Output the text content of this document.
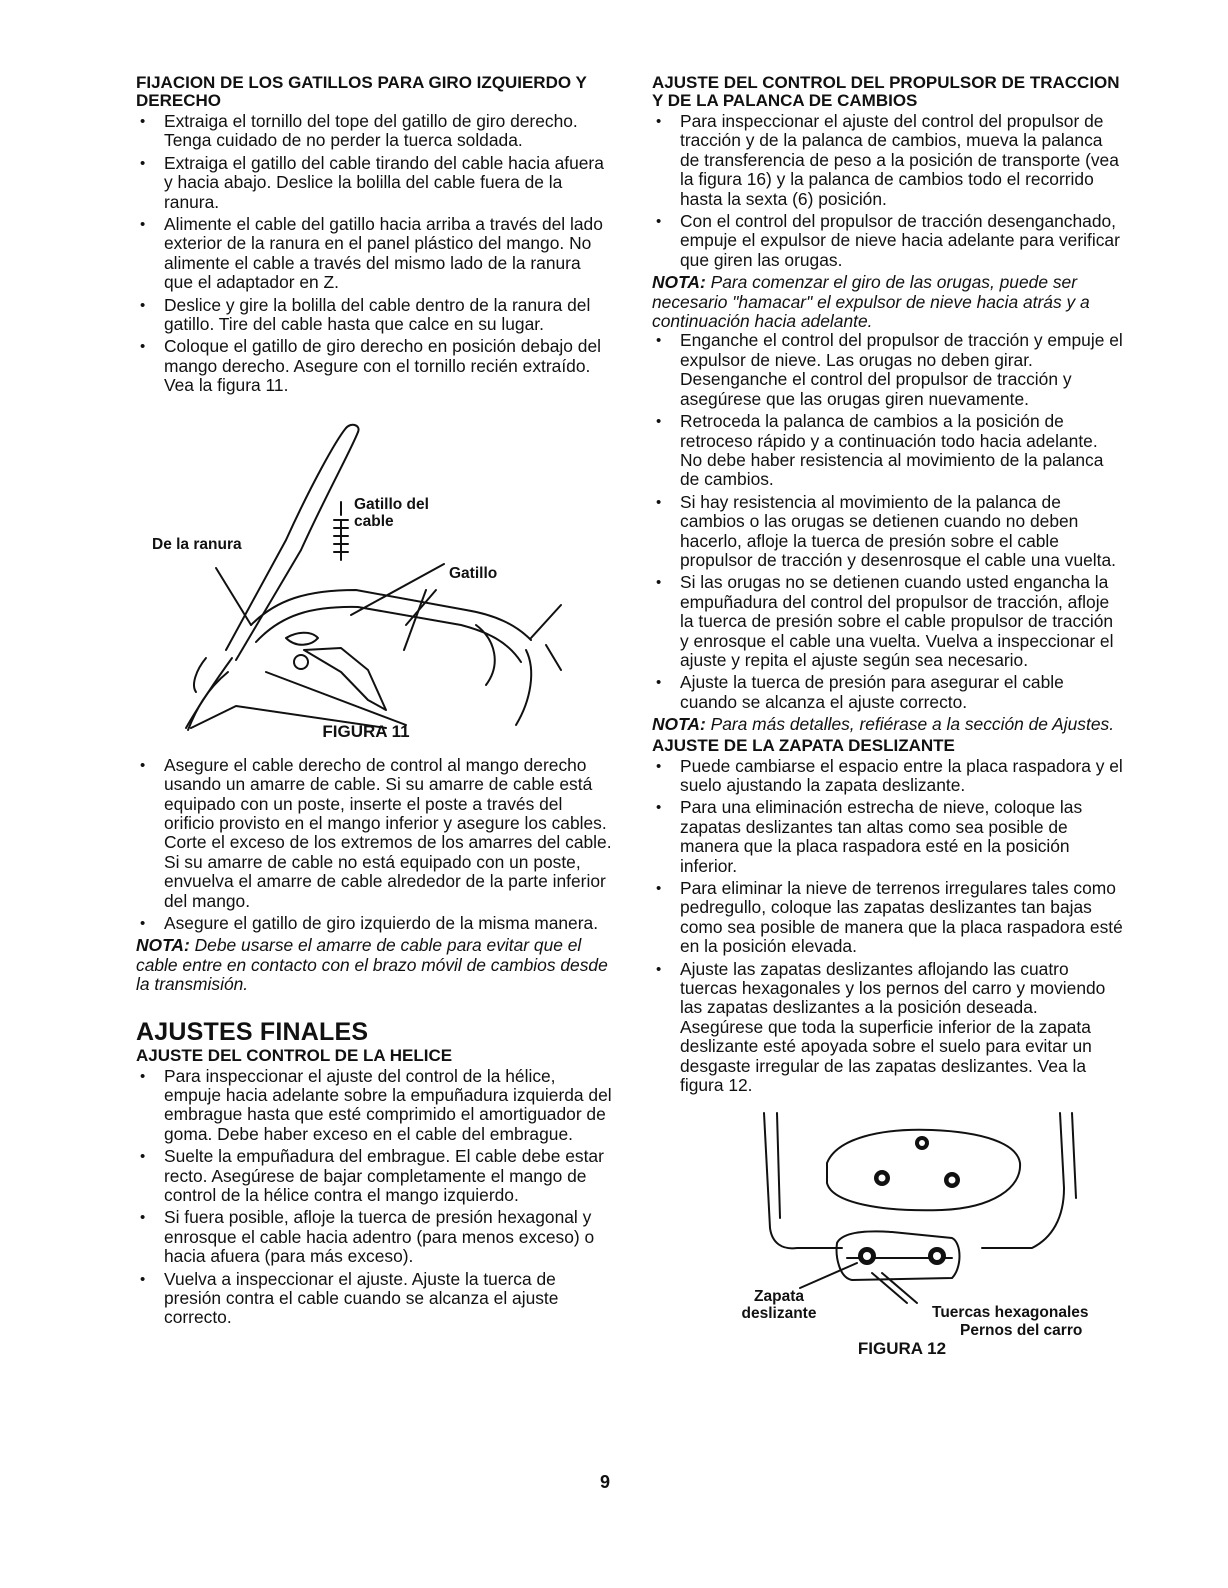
FIJACION DE LOS GATILLOS PARA GIRO IZQUIERDO Y DERECHO
• Extraiga el tornillo del tope del gatillo de giro derecho. Tenga cuidado de no perder la tuerca soldada.
• Extraiga el gatillo del cable tirando del cable hacia afuera y hacia abajo. Deslice la bolilla del cable fuera de la ranura.
• Alimente el cable del gatillo hacia arriba a través del lado exterior de la ranura en el panel plástico del mango. No alimente el cable a través del mismo lado de la ranura que el adaptador en Z.
• Deslice y gire la bolilla del cable dentro de la ranura del gatillo. Tire del cable hasta que calce en su lugar.
• Coloque el gatillo de giro derecho en posición debajo del mango derecho. Asegure con el tornillo recién extraído. Vea la figura 11.
De la ranura
Gatillo del cable
Gatillo
FIGURA 11
• Asegure el cable derecho de control al mango derecho usando un amarre de cable. Si su amarre de cable está equipado con un poste, inserte el poste a través del orificio provisto en el mango inferior y asegure los cables. Corte el exceso de los extremos de los amarres del cable. Si su amarre de cable no está equipado con un poste, envuelva el amarre de cable alrededor de la parte inferior del mango.
• Asegure el gatillo de giro izquierdo de la misma manera.

NOTA: Debe usarse el amarre de cable para evitar que el cable entre en contacto con el brazo móvil de cambios desde la transmisión.

AJUSTES FINALES
AJUSTE DEL CONTROL DE LA HELICE
• Para inspeccionar el ajuste del control de la hélice, empuje hacia adelante sobre la empuñadura izquierda del embrague hasta que esté comprimido el amortiguador de goma. Debe haber exceso en el cable del embrague.
• Suelte la empuñadura del embrague. El cable debe estar recto. Asegúrese de bajar completamente el mango de control de la hélice contra el mango izquierdo.
• Si fuera posible, afloje la tuerca de presión hexagonal y enrosque el cable hacia adentro (para menos exceso) o hacia afuera (para más exceso).
• Vuelva a inspeccionar el ajuste. Ajuste la tuerca de presión contra el cable cuando se alcanza el ajuste correcto.
AJUSTE DEL CONTROL DEL PROPULSOR DE TRACCION Y DE LA PALANCA DE CAMBIOS
• Para inspeccionar el ajuste del control del propulsor de tracción y de la palanca de cambios, mueva la palanca de transferencia de peso a la posición de transporte (vea la figura 16) y la palanca de cambios todo el recorrido hasta la sexta (6) posición.
• Con el control del propulsor de tracción desenganchado, empuje el expulsor de nieve hacia adelante para verificar que giren las orugas.

NOTA: Para comenzar el giro de las orugas, puede ser necesario "hamacar" el expulsor de nieve hacia atrás y a continuación hacia adelante.

• Enganche el control del propulsor de tracción y empuje el expulsor de nieve. Las orugas no deben girar. Desenganche el control del propulsor de tracción y asegúrese que las orugas giren nuevamente.
• Retroceda la palanca de cambios a la posición de retroceso rápido y a continuación todo hacia adelante. No debe haber resistencia al movimiento de la palanca de cambios.
• Si hay resistencia al movimiento de la palanca de cambios o las orugas se detienen cuando no deben hacerlo, afloje la tuerca de presión sobre el cable propulsor de tracción y desenrosque el cable una vuelta.
• Si las orugas no se detienen cuando usted engancha la empuñadura del control del propulsor de tracción, afloje la tuerca de presión sobre el cable propulsor de tracción y enrosque el cable una vuelta. Vuelva a inspeccionar el ajuste y repita el ajuste según sea necesario.
• Ajuste la tuerca de presión para asegurar el cable cuando se alcanza el ajuste correcto.

NOTA: Para más detalles, refiérase a la sección de Ajustes.

AJUSTE DE LA ZAPATA DESLIZANTE
• Puede cambiarse el espacio entre la placa raspadora y el suelo ajustando la zapata deslizante.
• Para una eliminación estrecha de nieve, coloque las zapatas deslizantes tan altas como sea posible de manera que la placa raspadora esté en la posición inferior.
• Para eliminar la nieve de terrenos irregulares tales como pedregullo, coloque las zapatas deslizantes tan bajas como sea posible de manera que la placa raspadora esté en la posición elevada.
• Ajuste las zapatas deslizantes aflojando las cuatro tuercas hexagonales y los pernos del carro y moviendo las zapatas deslizantes a la posición deseada. Asegúrese que toda la superficie inferior de la zapata deslizante esté apoyada sobre el suelo para evitar un desgaste irregular de las zapatas deslizantes. Vea la figura 12.
Zapata deslizante	Tuercas hexagonales
Pernos del carro
FIGURA 12
9
